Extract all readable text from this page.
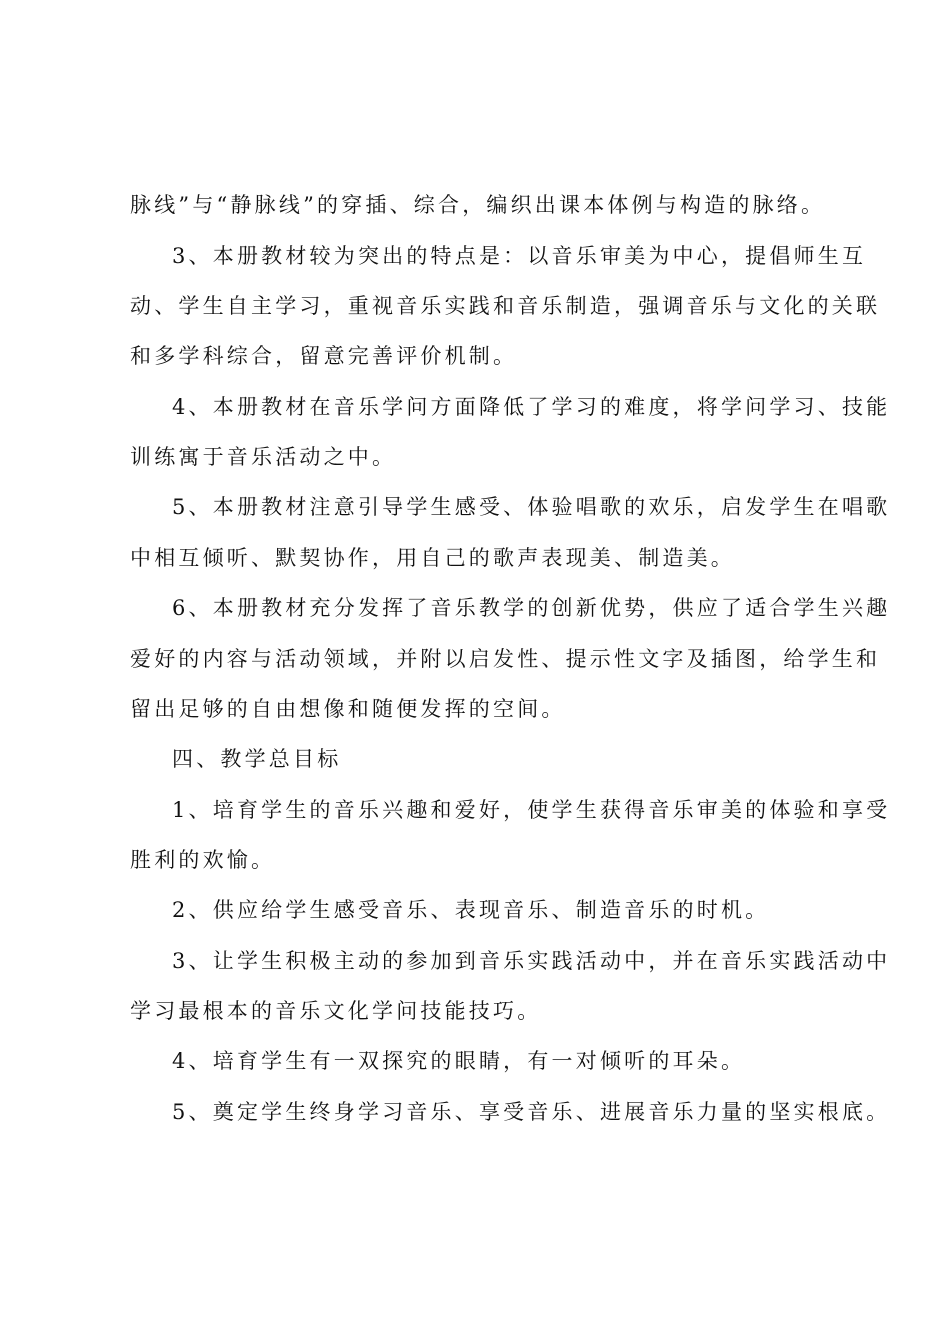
脉线”与“静脉线”的穿插、综合，编织出课本体例与构造的脉络。
3、本册教材较为突出的特点是：以音乐审美为中心，提倡师生互
动、学生自主学习，重视音乐实践和音乐制造，强调音乐与文化的关联
和多学科综合，留意完善评价机制。
4、本册教材在音乐学问方面降低了学习的难度，将学问学习、技能
训练寓于音乐活动之中。
5、本册教材注意引导学生感受、体验唱歌的欢乐，启发学生在唱歌
中相互倾听、默契协作，用自己的歌声表现美、制造美。
6、本册教材充分发挥了音乐教学的创新优势，供应了适合学生兴趣
爱好的内容与活动领域，并附以启发性、提示性文字及插图，给学生和
留出足够的自由想像和随便发挥的空间。
四、教学总目标
1、培育学生的音乐兴趣和爱好，使学生获得音乐审美的体验和享受
胜利的欢愉。
2、供应给学生感受音乐、表现音乐、制造音乐的时机。
3、让学生积极主动的参加到音乐实践活动中，并在音乐实践活动中
学习最根本的音乐文化学问技能技巧。
4、培育学生有一双探究的眼睛，有一对倾听的耳朵。
5、奠定学生终身学习音乐、享受音乐、进展音乐力量的坚实根底。
